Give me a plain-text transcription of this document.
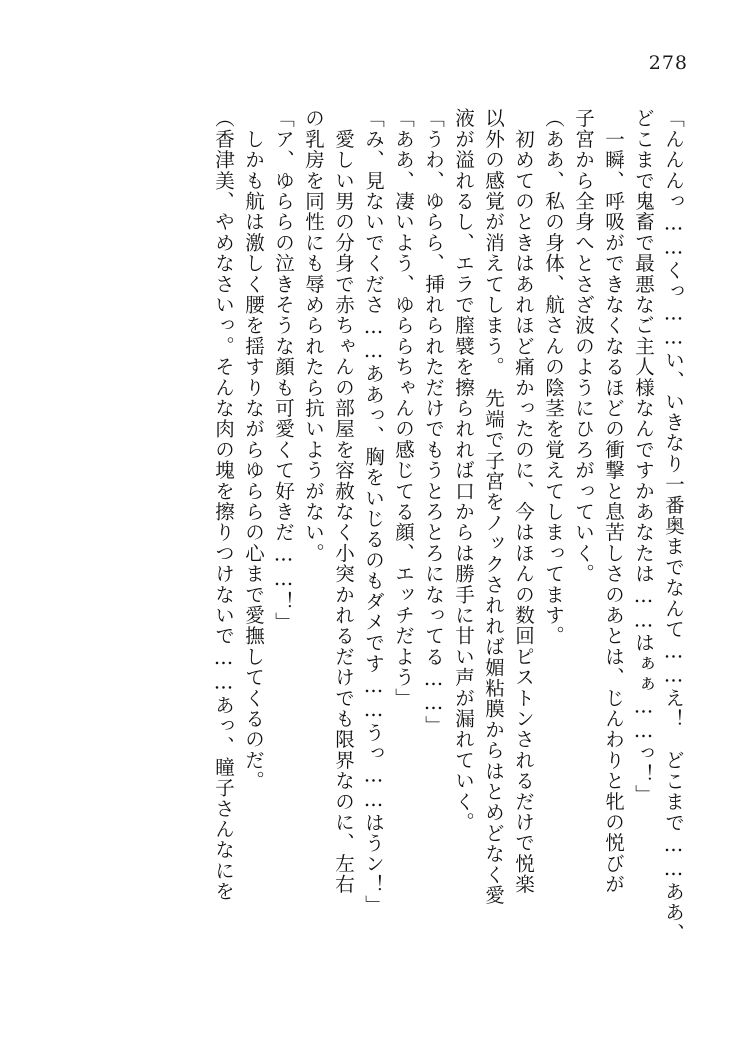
278
「んんんっ……くっ……い、いきなり一番奥までなんて……え！　どこまで……ああ、
どこまで鬼畜で最悪なご主人様なんですかあなたは……はぁぁ……っ！」
　一瞬、呼吸ができなくなるほどの衝撃と息苦しさのあとは、じんわりと牝の悦びが
子宮から全身へとさざ波のようにひろがっていく。
（ああ、私の身体、航さんの陰茎を覚えてしまってます。
　初めてのときはあれほど痛かったのに、今はほんの数回ピストンされるだけで悦楽
以外の感覚が消えてしまう。　先端で子宮をノックされれば媚粘膜からはとめどなく愛
液が溢れるし、エラで膣襞を擦られれば口からは勝手に甘い声が漏れていく。
「うわ、ゆらら、挿れられただけでもうとろとろになってる……」
「ああ、凄いよう、ゆららちゃんの感じてる顔、エッチだよう」
「み、見ないでくださ……ああっ、胸をいじるのもダメです……うっ……はうン！」
　愛しい男の分身で赤ちゃんの部屋を容赦なく小突かれるだけでも限界なのに、左右
の乳房を同性にも辱められたら抗いようがない。
「ア、ゆららの泣きそうな顔も可愛くて好きだ……！」
　しかも航は激しく腰を揺すりながらゆららの心まで愛撫してくるのだ。
（香津美、やめなさいっ。そんな肉の塊を擦りつけないで……あっ、瞳子さんなにを
